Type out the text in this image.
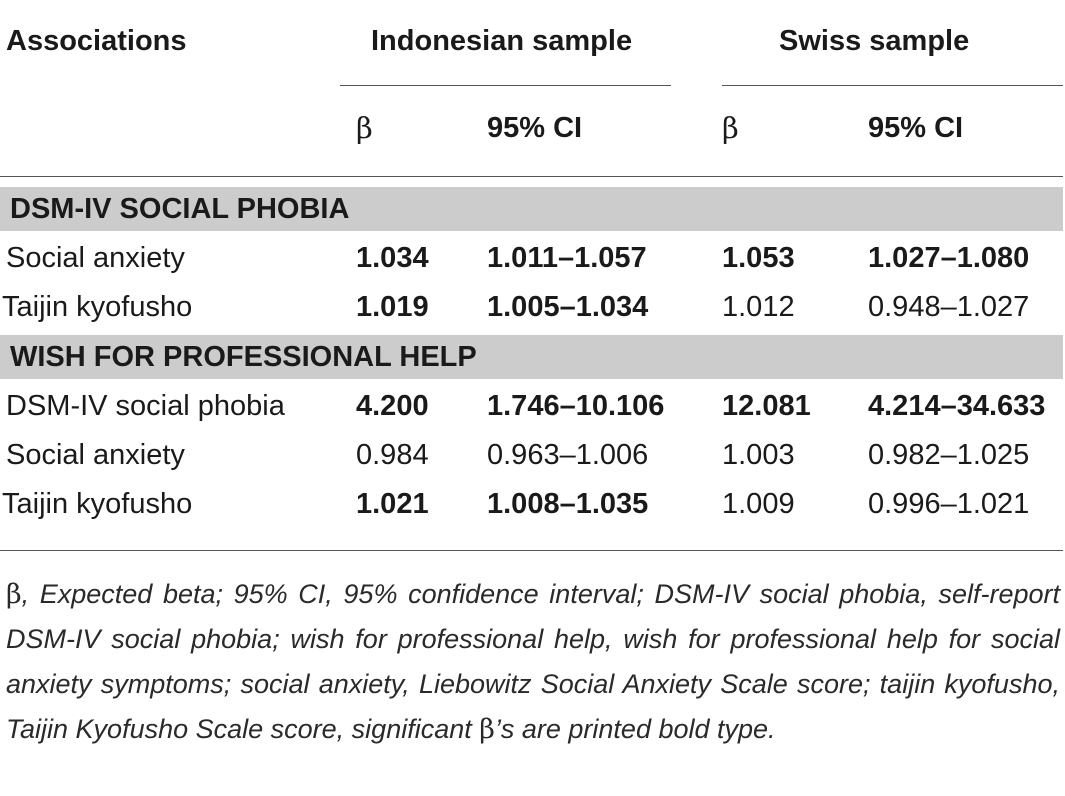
Associations	Indonesian sample	Swiss sample
β	95% CI	β	95% CI
DSM-IV SOCIAL PHOBIA
Social anxiety	1.034 1.011–1.057	1.053	1.027–1.080
Taijin kyofusho	1.019 1.005–1.034	1.012	0.948–1.027
WISH FOR PROFESSIONAL HELP
DSM-IV social phobia 4.200 1.746–10.106 12.081 4.214–34.633
Social anxiety	0.984 0.963–1.006	1.003	0.982–1.025
Taijin kyofusho	1.021 1.008–1.035	1.009	0.996–1.021
β, Expected beta; 95% CI, 95% confidence interval; DSM-IV social phobia, self-report DSM-IV social phobia; wish for professional help, wish for professional help for social anxiety symptoms; social anxiety, Liebowitz Social Anxiety Scale score; taijin kyofusho, Taijin Kyofusho Scale score, significant β’s are printed bold type.
